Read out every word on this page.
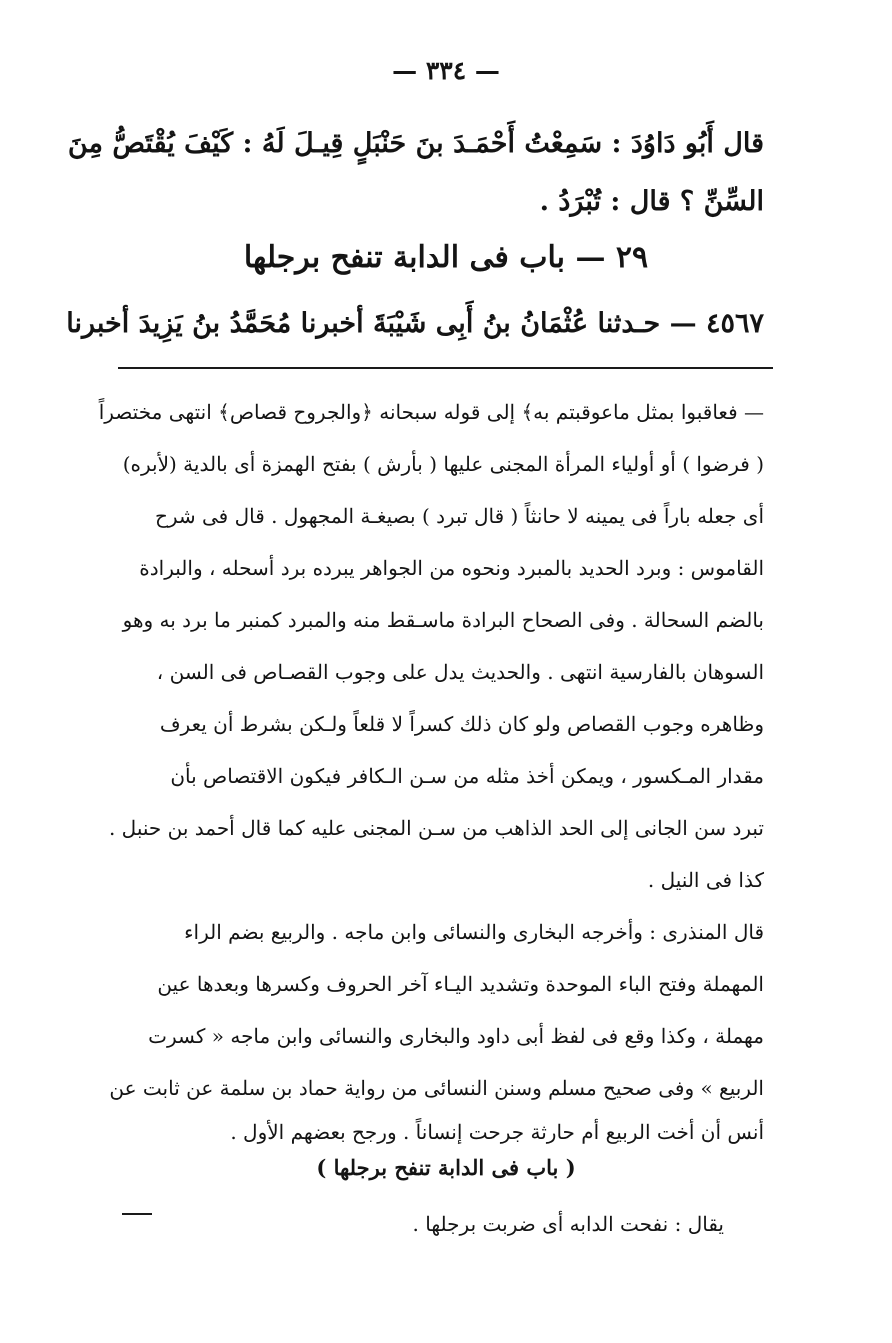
— ٣٣٤ —
قال أَبُو دَاوُدَ : سَمِعْتُ أَحْمَـدَ بنَ حَنْبَلٍ قِيـلَ لَهُ : كَيْفَ يُقْتَصُّ مِنَ
السِّنِّ ؟ قال : تُبْرَدُ .
٢٩ — باب فى الدابة تنفح برجلها
٤٥٦٧ — حـدثنا عُثْمَانُ بنُ أَبِى شَيْبَةَ أخبرنا مُحَمَّدُ بنُ يَزِيدَ أخبرنا
— فعاقبوا بمثل ماعوقبتم به﴾ إلى قوله سبحانه ﴿والجروح قصاص﴾ انتهى مختصراً
( فرضوا ) أو أولياء المرأة المجنى عليها ( بأرش ) بفتح الهمزة أى بالدية (لأبره)
أى جعله باراً فى يمينه لا حانثاً ( قال تبرد ) بصيغـة المجهول . قال فى شرح
القاموس : وبرد الحديد بالمبرد ونحوه من الجواهر يبرده برد أسحله ، والبرادة
بالضم السحالة . وفى الصحاح البرادة ماسـقط منه والمبرد كمنبر ما برد به وهو
السوهان بالفارسية انتهى . والحديث يدل على وجوب القصـاص فى السن ،
وظاهره وجوب القصاص ولو كان ذلك كسراً لا قلعاً ولـكن بشرط أن يعرف
مقدار المـكسور ، ويمكن أخذ مثله من سـن الـكافر فيكون الاقتصاص بأن
تبرد سن الجانى إلى الحد الذاهب من سـن المجنى عليه كما قال أحمد بن حنبل .
كذا فى النيل .
قال المنذرى : وأخرجه البخارى والنسائى وابن ماجه . والربيع بضم الراء
المهملة وفتح الباء الموحدة وتشديد اليـاء آخر الحروف وكسرها وبعدها عين
مهملة ، وكذا وقع فى لفظ أبى داود والبخارى والنسائى وابن ماجه « كسرت
الربيع » وفى صحيح مسلم وسنن النسائى من رواية حماد بن سلمة عن ثابت عن
أنس أن أخت الربيع أم حارثة جرحت إنساناً . ورجح بعضهم الأول .
( باب فى الدابة تنفح برجلها )
يقال : نفحت الدابه أى ضربت برجلها .
